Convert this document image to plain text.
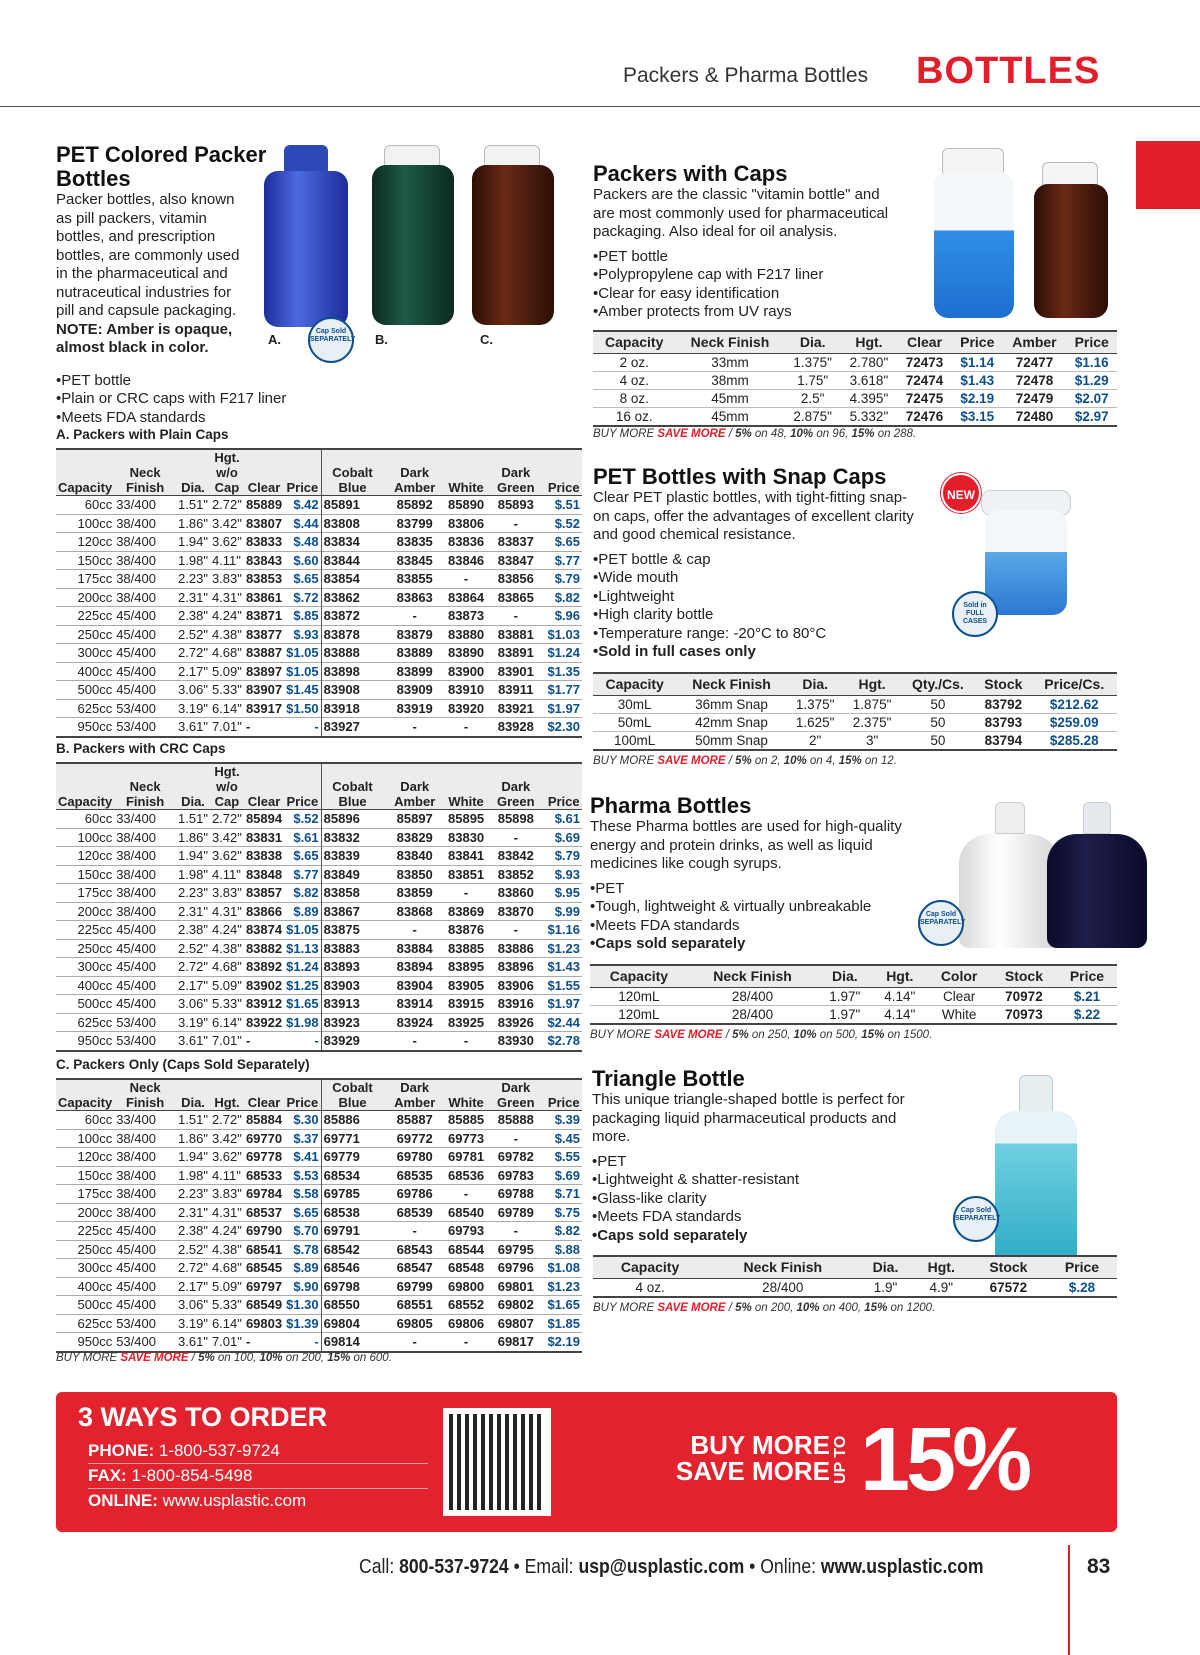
Packers & Pharma Bottles BOTTLES
PET Colored Packer
Bottles
Packer bottles, also known
as pill packers, vitamin
bottles, and prescription
bottles, are commonly used
in the pharmaceutical and
nutraceutical industries for
pill and capsule packaging.
NOTE: Amber is opaque,
almost black in color.
• PET bottle
• Plain or CRC caps with F217 liner
• Meets FDA standards
A.	B.	C.
Cap Sold
SEPARATELY
A. Packers with Plain Caps
Capacity	Neck Finish	Dia.	Hgt. w/o Cap	Clear	Price	Cobalt Blue	Dark Amber	White	Dark Green	Price
60cc	33/400	1.51"	2.72"	85889	$.42	85891	85892	85890	85893	$.51
100cc	38/400	1.86"	3.42"	83807	$.44	83808	83799	83806	-	$.52
120cc	38/400	1.94"	3.62"	83833	$.48	83834	83835	83836	83837	$.65
150cc	38/400	1.98"	4.11"	83843	$.60	83844	83845	83846	83847	$.77
175cc	38/400	2.23"	3.83"	83853	$.65	83854	83855	-	83856	$.79
200cc	38/400	2.31"	4.31"	83861	$.72	83862	83863	83864	83865	$.82
225cc	45/400	2.38"	4.24"	83871	$.85	83872	-	83873	-	$.96
250cc	45/400	2.52"	4.38"	83877	$.93	83878	83879	83880	83881	$1.03
300cc	45/400	2.72"	4.68"	83887	$1.05	83888	83889	83890	83891	$1.24
400cc	45/400	2.17"	5.09"	83897	$1.05	83898	83899	83900	83901	$1.35
500cc	45/400	3.06"	5.33"	83907	$1.45	83908	83909	83910	83911	$1.77
625cc	53/400	3.19"	6.14"	83917	$1.50	83918	83919	83920	83921	$1.97
950cc	53/400	3.61"	7.01"	-	-	83927	-	-	83928	$2.30
B. Packers with CRC Caps
Capacity	Neck Finish	Dia.	Hgt. w/o Cap	Clear	Price	Cobalt Blue	Dark Amber	White	Dark Green	Price
60cc	33/400	1.51"	2.72"	85894	$.52	85896	85897	85895	85898	$.61
100cc	38/400	1.86"	3.42"	83831	$.61	83832	83829	83830	-	$.69
120cc	38/400	1.94"	3.62"	83838	$.65	83839	83840	83841	83842	$.79
150cc	38/400	1.98"	4.11"	83848	$.77	83849	83850	83851	83852	$.93
175cc	38/400	2.23"	3.83"	83857	$.82	83858	83859	-	83860	$.95
200cc	38/400	2.31"	4.31"	83866	$.89	83867	83868	83869	83870	$.99
225cc	45/400	2.38"	4.24"	83874	$1.05	83875	-	83876	-	$1.16
250cc	45/400	2.52"	4.38"	83882	$1.13	83883	83884	83885	83886	$1.23
300cc	45/400	2.72"	4.68"	83892	$1.24	83893	83894	83895	83896	$1.43
400cc	45/400	2.17"	5.09"	83902	$1.25	83903	83904	83905	83906	$1.55
500cc	45/400	3.06"	5.33"	83912	$1.65	83913	83914	83915	83916	$1.97
625cc	53/400	3.19"	6.14"	83922	$1.98	83923	83924	83925	83926	$2.44
950cc	53/400	3.61"	7.01"	-	-	83929	-	-	83930	$2.78
C. Packers Only (Caps Sold Separately)
Capacity	Neck Finish	Dia.	Hgt.	Clear	Price	Cobalt Blue	Dark Amber	White	Dark Green	Price
60cc	33/400	1.51"	2.72"	85884	$.30	85886	85887	85885	85888	$.39
100cc	38/400	1.86"	3.42"	69770	$.37	69771	69772	69773	-	$.45
120cc	38/400	1.94"	3.62"	69778	$.41	69779	69780	69781	69782	$.55
150cc	38/400	1.98"	4.11"	68533	$.53	68534	68535	68536	69783	$.69
175cc	38/400	2.23"	3.83"	69784	$.58	69785	69786	-	69788	$.71
200cc	38/400	2.31"	4.31"	68537	$.65	68538	68539	68540	69789	$.75
225cc	45/400	2.38"	4.24"	69790	$.70	69791	-	69793	-	$.82
250cc	45/400	2.52"	4.38"	68541	$.78	68542	68543	68544	69795	$.88
300cc	45/400	2.72"	4.68"	68545	$.89	68546	68547	68548	69796	$1.08
400cc	45/400	2.17"	5.09"	69797	$.90	69798	69799	69800	69801	$1.23
500cc	45/400	3.06"	5.33"	68549	$1.30	68550	68551	68552	69802	$1.65
625cc	53/400	3.19"	6.14"	69803	$1.39	69804	69805	69806	69807	$1.85
950cc	53/400	3.61"	7.01"	-	-	69814	-	-	69817	$2.19
BUY MORE SAVE MORE / 5% on 100, 10% on 200, 15% on 600.
Packers with Caps
Packers are the classic "vitamin bottle" and
are most commonly used for pharmaceutical
packaging. Also ideal for oil analysis.
• PET bottle
• Polypropylene cap with F217 liner
• Clear for easy identification
• Amber protects from UV rays
Capacity	Neck Finish	Dia.	Hgt.	Clear	Price	Amber	Price
2 oz.	33mm	1.375"	2.780"	72473	$1.14	72477	$1.16
4 oz.	38mm	1.75"	3.618"	72474	$1.43	72478	$1.29
8 oz.	45mm	2.5"	4.395"	72475	$2.19	72479	$2.07
16 oz.	45mm	2.875"	5.332"	72476	$3.15	72480	$2.97
BUY MORE SAVE MORE / 5% on 48, 10% on 96, 15% on 288.
PET Bottles with Snap Caps
Clear PET plastic bottles, with tight-fitting snap-
on caps, offer the advantages of excellent clarity
and good chemical resistance.
• PET bottle & cap
• Wide mouth
• Lightweight
• High clarity bottle
• Temperature range: -20°C to 80°C
• Sold in full cases only
NEW
Sold in
FULL CASES
Capacity	Neck Finish	Dia.	Hgt.	Qty./Cs.	Stock	Price/Cs.
30mL	36mm Snap	1.375"	1.875"	50	83792	$212.62
50mL	42mm Snap	1.625"	2.375"	50	83793	$259.09
100mL	50mm Snap	2"	3"	50	83794	$285.28
BUY MORE SAVE MORE / 5% on 2, 10% on 4, 15% on 12.
Pharma Bottles
These Pharma bottles are used for high-quality
energy and protein drinks, as well as liquid
medicines like cough syrups.
• PET
• Tough, lightweight & virtually unbreakable
• Meets FDA standards
• Caps sold separately
Cap Sold
SEPARATELY
Capacity	Neck Finish	Dia.	Hgt.	Color	Stock	Price
120mL	28/400	1.97"	4.14"	Clear	70972	$.21
120mL	28/400	1.97"	4.14"	White	70973	$.22
BUY MORE SAVE MORE / 5% on 250, 10% on 500, 15% on 1500.
Triangle Bottle
This unique triangle-shaped bottle is perfect for
packaging liquid pharmaceutical products and
more.
• PET
• Lightweight & shatter-resistant
• Glass-like clarity
• Meets FDA standards
• Caps sold separately
Cap Sold
SEPARATELY
Capacity	Neck Finish	Dia.	Hgt.	Stock	Price
4 oz.	28/400	1.9"	4.9"	67572	$.28
BUY MORE SAVE MORE / 5% on 200, 10% on 400, 15% on 1200.
3 WAYS TO ORDER
PHONE: 1-800-537-9724
FAX: 1-800-854-5498
ONLINE: www.usplastic.com
BUY MORE
SAVE MORE UP TO 15%
Call: 800-537-9724 • Email: usp@usplastic.com • Online: www.usplastic.com	83
